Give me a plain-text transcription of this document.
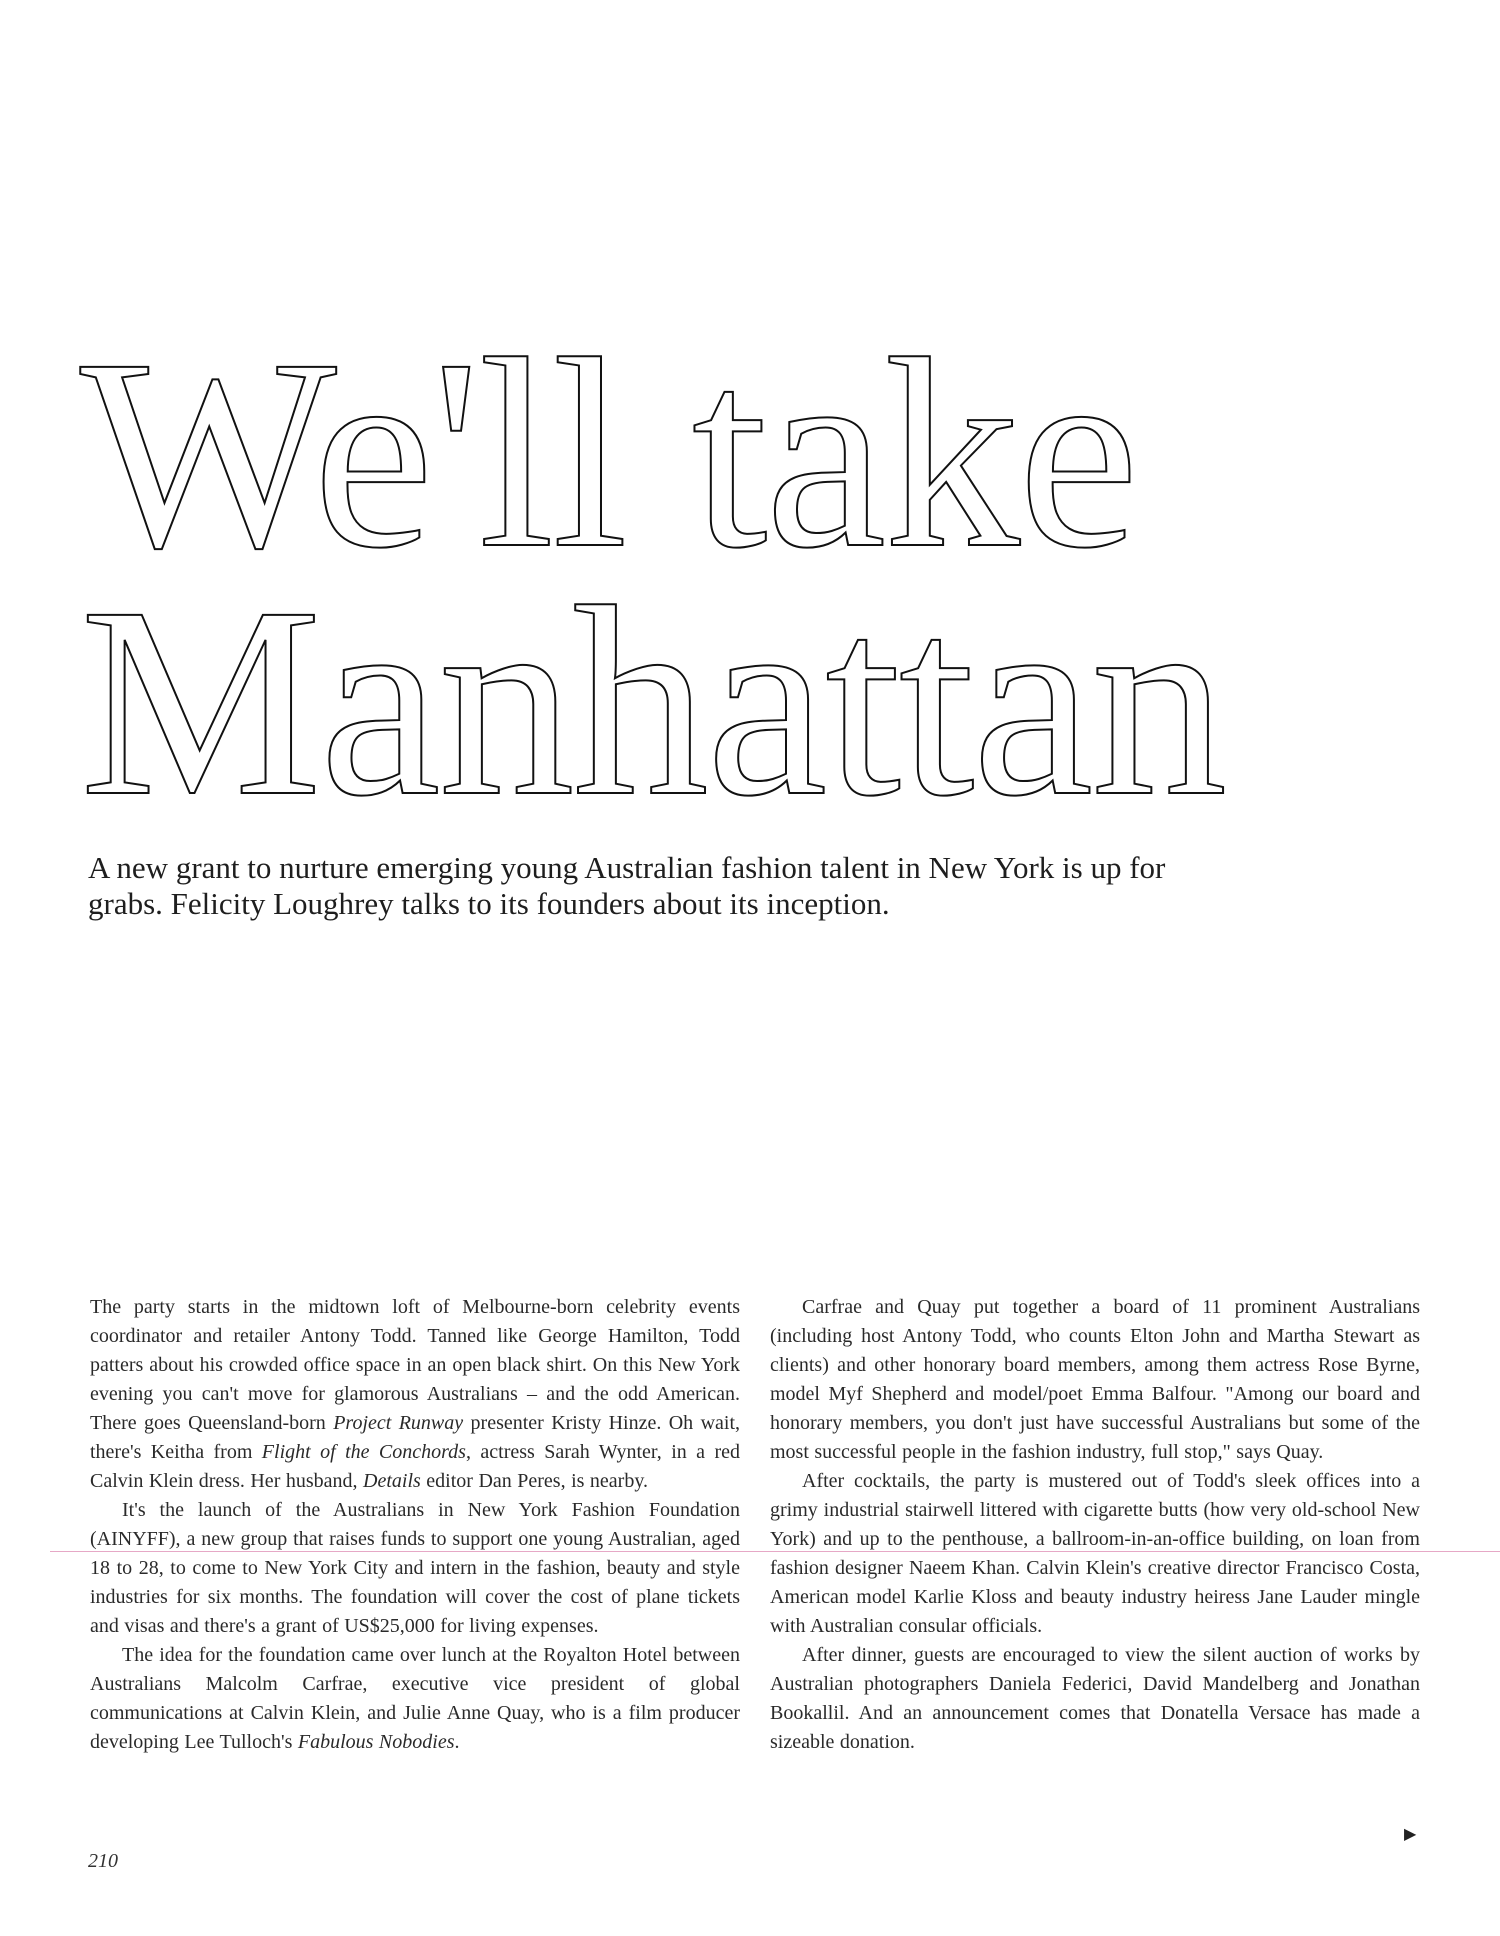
We'll take
Manhattan

A new grant to nurture emerging young Australian fashion talent in New York is up for grabs. Felicity Loughrey talks to its founders about its inception.

The party starts in the midtown loft of Melbourne-born celebrity events coordinator and retailer Antony Todd. Tanned like George Hamilton, Todd patters about his crowded office space in an open black shirt. On this New York evening you can't move for glamorous Australians – and the odd American. There goes Queensland-born Project Runway presenter Kristy Hinze. Oh wait, there's Keitha from Flight of the Conchords, actress Sarah Wynter, in a red Calvin Klein dress. Her husband, Details editor Dan Peres, is nearby.

It's the launch of the Australians in New York Fashion Foundation (AINYFF), a new group that raises funds to support one young Australian, aged 18 to 28, to come to New York City and intern in the fashion, beauty and style industries for six months. The foundation will cover the cost of plane tickets and visas and there's a grant of US$25,000 for living expenses.

The idea for the foundation came over lunch at the Royalton Hotel between Australians Malcolm Carfrae, executive vice president of global communications at Calvin Klein, and Julie Anne Quay, who is a film producer developing Lee Tulloch's Fabulous Nobodies.

Carfrae and Quay put together a board of 11 prominent Australians (including host Antony Todd, who counts Elton John and Martha Stewart as clients) and other honorary board members, among them actress Rose Byrne, model Myf Shepherd and model/poet Emma Balfour. "Among our board and honorary members, you don't just have successful Australians but some of the most successful people in the fashion industry, full stop," says Quay.

After cocktails, the party is mustered out of Todd's sleek offices into a grimy industrial stairwell littered with cigarette butts (how very old-school New York) and up to the penthouse, a ballroom-in-an-office building, on loan from fashion designer Naeem Khan. Calvin Klein's creative director Francisco Costa, American model Karlie Kloss and beauty industry heiress Jane Lauder mingle with Australian consular officials.

After dinner, guests are encouraged to view the silent auction of works by Australian photographers Daniela Federici, David Mandelberg and Jonathan Bookallil. And an announcement comes that Donatella Versace has made a sizeable donation.

▶
210
